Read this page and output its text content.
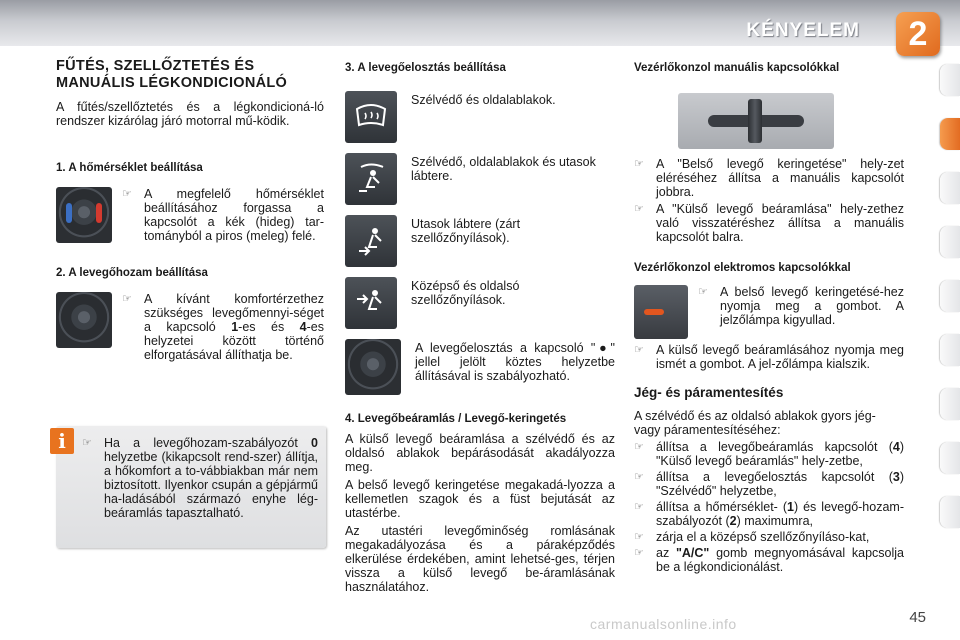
KÉNYELEM	2
FŰTÉS, SZELLŐZTETÉS ÉS
MANUÁLIS LÉGKONDICIONÁLÓ

A fűtés/szellőztetés és a légkondicioná-ló rendszer kizárólag járó motorral mű-ködik.

1. A hőmérséklet beállítása
☞ A megfelelő hőmérséklet beállításához forgassa a kapcsolót a kék (hideg) tar-tományból a piros (meleg) felé.
2. A levegőhozam beállítása
☞ A kívánt komfortérzethez szükséges levegőmennyi-séget a kapcsoló 1-es és 4-es helyzetei között történő elforgatásával állíthatja be.
☞ Ha a levegőhozam-szabályozót 0 helyzetbe (kikapcsolt rend-szer) állítja, a hőkomfort a to-vábbiakban már nem biztosított. Ilyenkor csupán a gépjármű ha-ladásából származó enyhe lég-beáramlás tapasztalható.
i
3. A levegőelosztás beállítása
Szélvédő és oldalablakok.
Szélvédő, oldalablakok és utasok lábtere.
Utasok lábtere (zárt szellőzőnyílások).
Középső és oldalsó szellőzőnyílások.
A levegőelosztás a kapcsoló "●" jellel jelölt köztes helyzetbe állításával is szabályozható.
4. Levegőbeáramlás / Levegő-keringetés

A külső levegő beáramlása a szélvédő és az oldalsó ablakok bepárásodását akadályozza meg.

A belső levegő keringetése megakadá-lyozza a kellemetlen szagok és a füst bejutását az utastérbe.

Az utastéri levegőminőség romlásának megakadályozása és a páraképződés elkerülése érdekében, amint lehetsé-ges, térjen vissza a külső levegő be-áramlásának használatához.

Vezérlőkonzol manuális kapcsolókkal
☞ A "Belső levegő keringetése" hely-zet eléréséhez állítsa a manuális kapcsolót jobbra.
☞ A "Külső levegő beáramlása" hely-zethez való visszatéréshez állítsa a manuális kapcsolót balra.
Vezérlőkonzol elektromos kapcsolókkal
☞ A belső levegő keringetésé-hez nyomja meg a gombot. A jelzőlámpa kigyullad.
☞ A külső levegő beáramlásához nyomja meg ismét a gombot. A jel-zőlámpa kialszik.
Jég- és páramentesítés

A szélvédő és az oldalsó ablakok gyors jég- vagy páramentesítéséhez:

☞ állítsa a levegőbeáramlás kapcsolót (4) "Külső levegő beáramlás" hely-zetbe,
☞ állítsa a levegőelosztás kapcsolót (3) "Szélvédő" helyzetbe,
☞ állítsa a hőmérséklet- (1) és levegő-hozam-szabályozót (2) maximumra,
☞ zárja el a középső szellőzőnyíláso-kat,
☞ az "A/C" gomb megnyomásával kapcsolja be a légkondicionálást.
carmanualsonline.info	45
